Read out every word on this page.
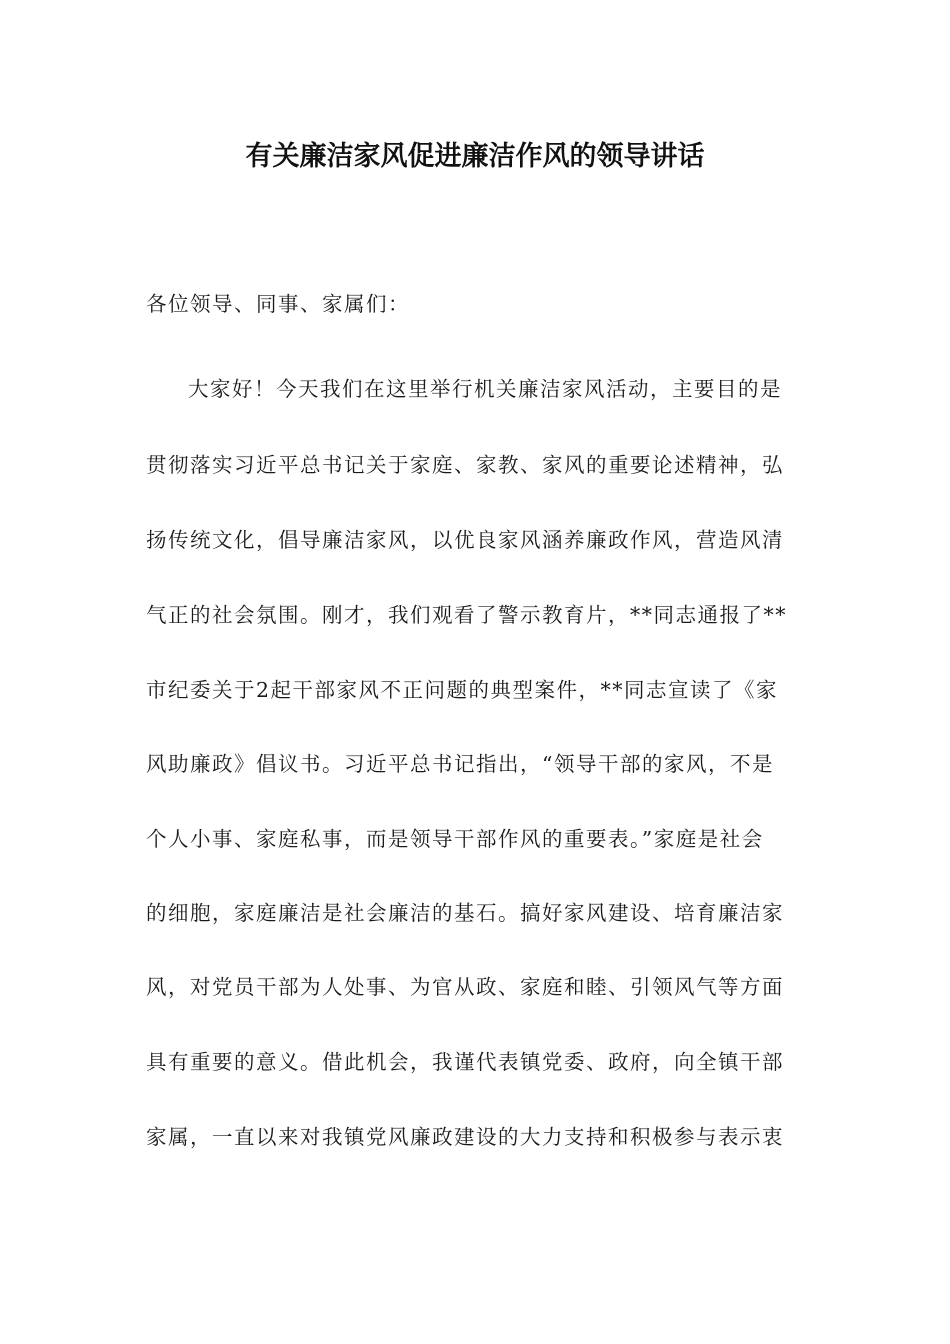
有关廉洁家风促进廉洁作风的领导讲话
各位领导、同事、家属们：
大家好！今天我们在这里举行机关廉洁家风活动，主要目的是
贯彻落实习近平总书记关于家庭、家教、家风的重要论述精神，弘
扬传统文化，倡导廉洁家风，以优良家风涵养廉政作风，营造风清
气正的社会氛围。刚才，我们观看了警示教育片，**同志通报了**
市纪委关于2起干部家风不正问题的典型案件，**同志宣读了《家
风助廉政》倡议书。习近平总书记指出，“领导干部的家风，不是
个人小事、家庭私事，而是领导干部作风的重要表。”家庭是社会
的细胞，家庭廉洁是社会廉洁的基石。搞好家风建设、培育廉洁家
风，对党员干部为人处事、为官从政、家庭和睦、引领风气等方面
具有重要的意义。借此机会，我谨代表镇党委、政府，向全镇干部
家属，一直以来对我镇党风廉政建设的大力支持和积极参与表示衷
